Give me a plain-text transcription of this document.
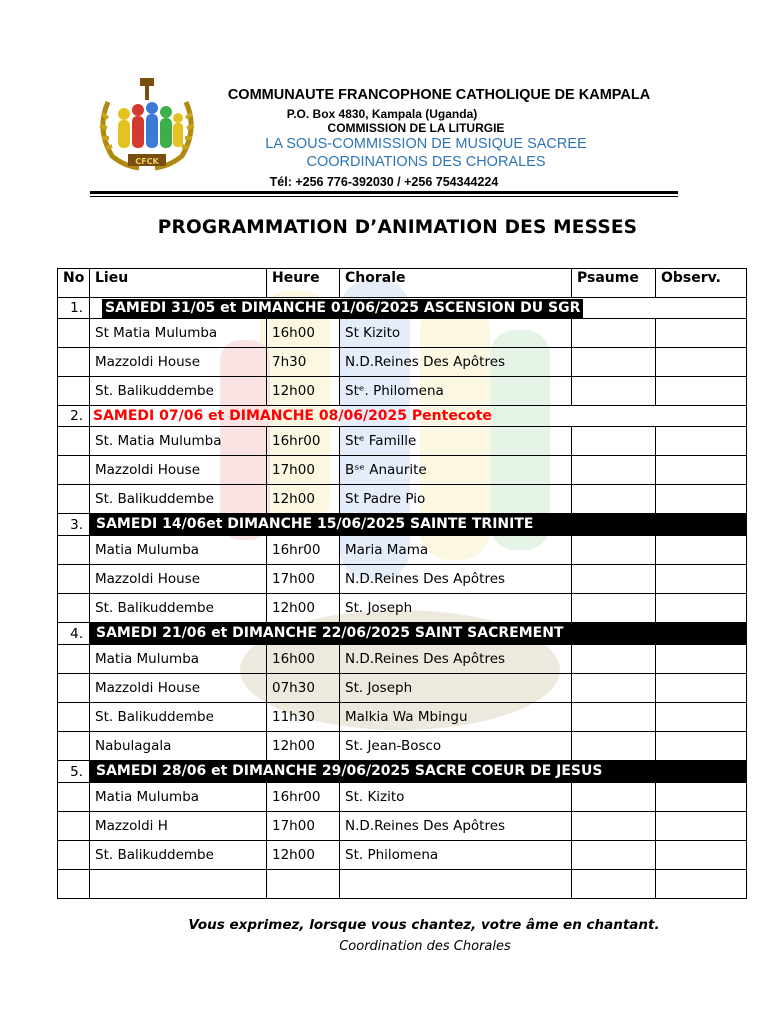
CFCK
COMMUNAUTE FRANCOPHONE CATHOLIQUE DE KAMPALA
P.O. Box 4830, Kampala (Uganda)
COMMISSION DE LA LITURGIE
LA SOUS-COMMISSION DE MUSIQUE SACREE
COORDINATIONS DES CHORALES
Tél: +256 776-392030 / +256 754344224
PROGRAMMATION D’ANIMATION DES MESSES
No	Lieu	Heure	Chorale	Psaume	Observ.
1.	SAMEDI 31/05 et DIMANCHE 01/06/2025 ASCENSION DU SGR				
	St Matia Mulumba	16h00	St Kizito		
	Mazzoldi House	7h30	N.D.Reines Des Apôtres		
	St. Balikuddembe	12h00	Stᵉ. Philomena		
2.	SAMEDI 07/06 et DIMANCHE 08/06/2025 Pentecote				
	St. Matia Mulumba	16hr00	Stᵉ Famille		
	Mazzoldi House	17h00	Bˢᵉ Anaurite		
	St. Balikuddembe	12h00	St Padre Pio		
3.	SAMEDI 14/06et DIMANCHE 15/06/2025 SAINTE TRINITE				

	Matia Mulumba	16hr00	Maria Mama		
	Mazzoldi House	17h00	N.D.Reines Des Apôtres		
	St. Balikuddembe	12h00	St. Joseph		
4.	SAMEDI 21/06 et DIMANCHE 22/06/2025 SAINT SACREMENT				

	Matia Mulumba	16h00	N.D.Reines Des Apôtres		
	Mazzoldi House	07h30	St. Joseph		
	St. Balikuddembe	11h30	Malkia Wa Mbingu		
	Nabulagala	12h00	St. Jean-Bosco		
5.	SAMEDI 28/06 et DIMANCHE 29/06/2025 SACRE COEUR DE JESUS				

	Matia Mulumba	16hr00	St. Kizito		
	Mazzoldi H	17h00	N.D.Reines Des Apôtres		
	St. Balikuddembe	12h00	St. Philomena		

Vous exprimez, lorsque vous chantez, votre âme en chantant.
Coordination des Chorales
